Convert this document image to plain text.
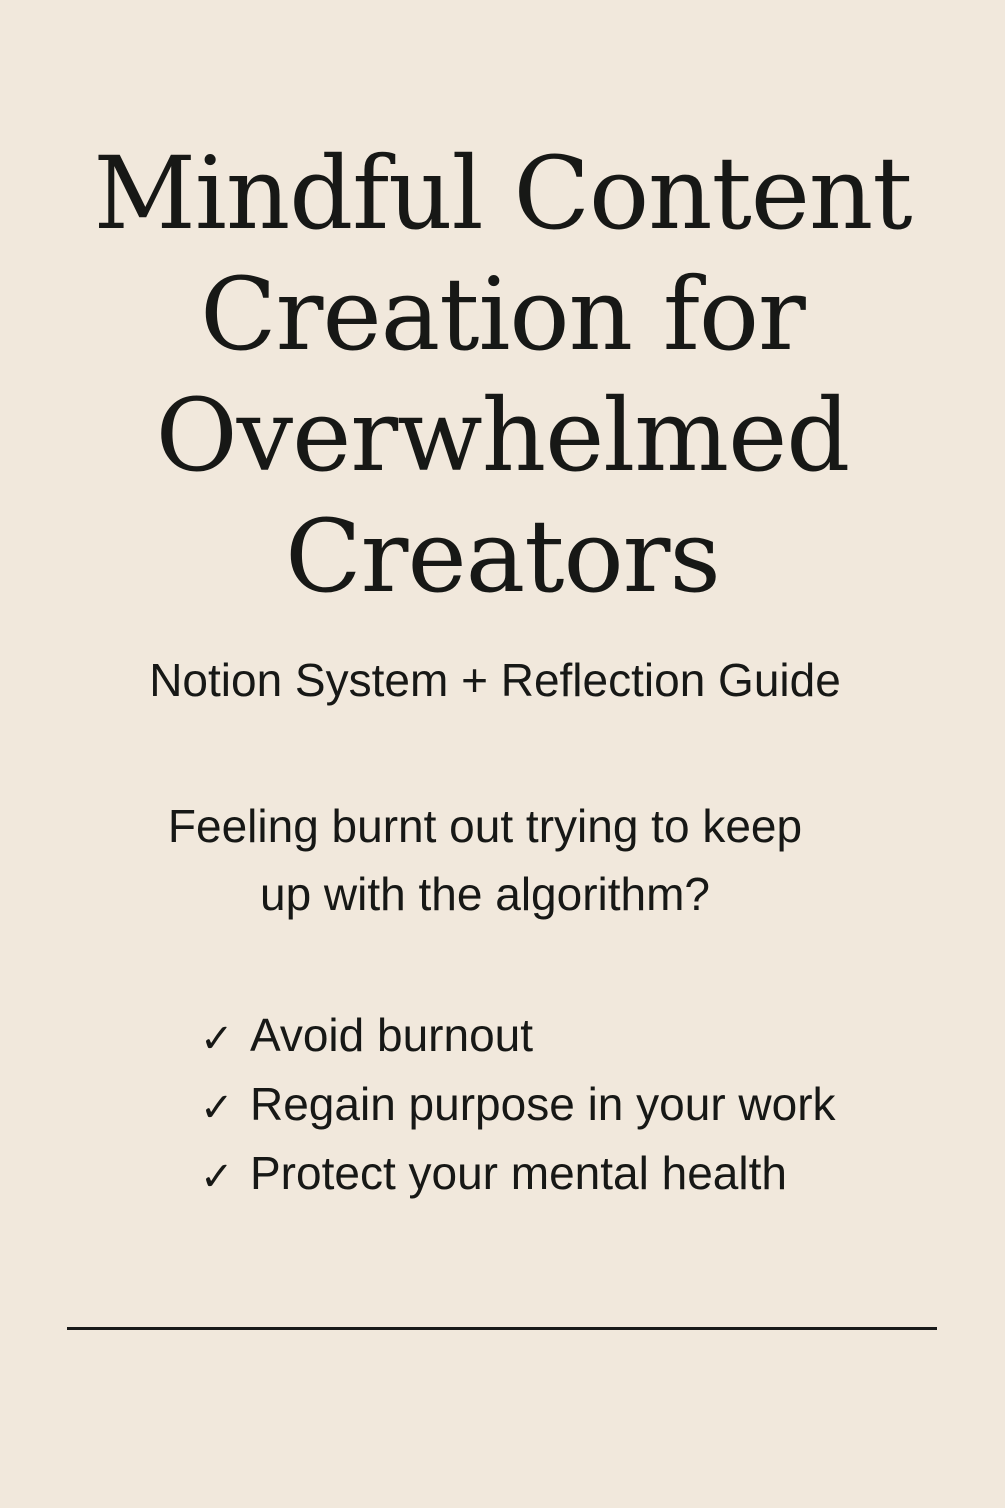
Mindful Content
Creation for
Overwhelmed
Creators

Notion System + Reflection Guide

Feeling burnt out trying to keep
up with the algorithm?

✓ Avoid burnout
✓ Regain purpose in your work
✓ Protect your mental health
